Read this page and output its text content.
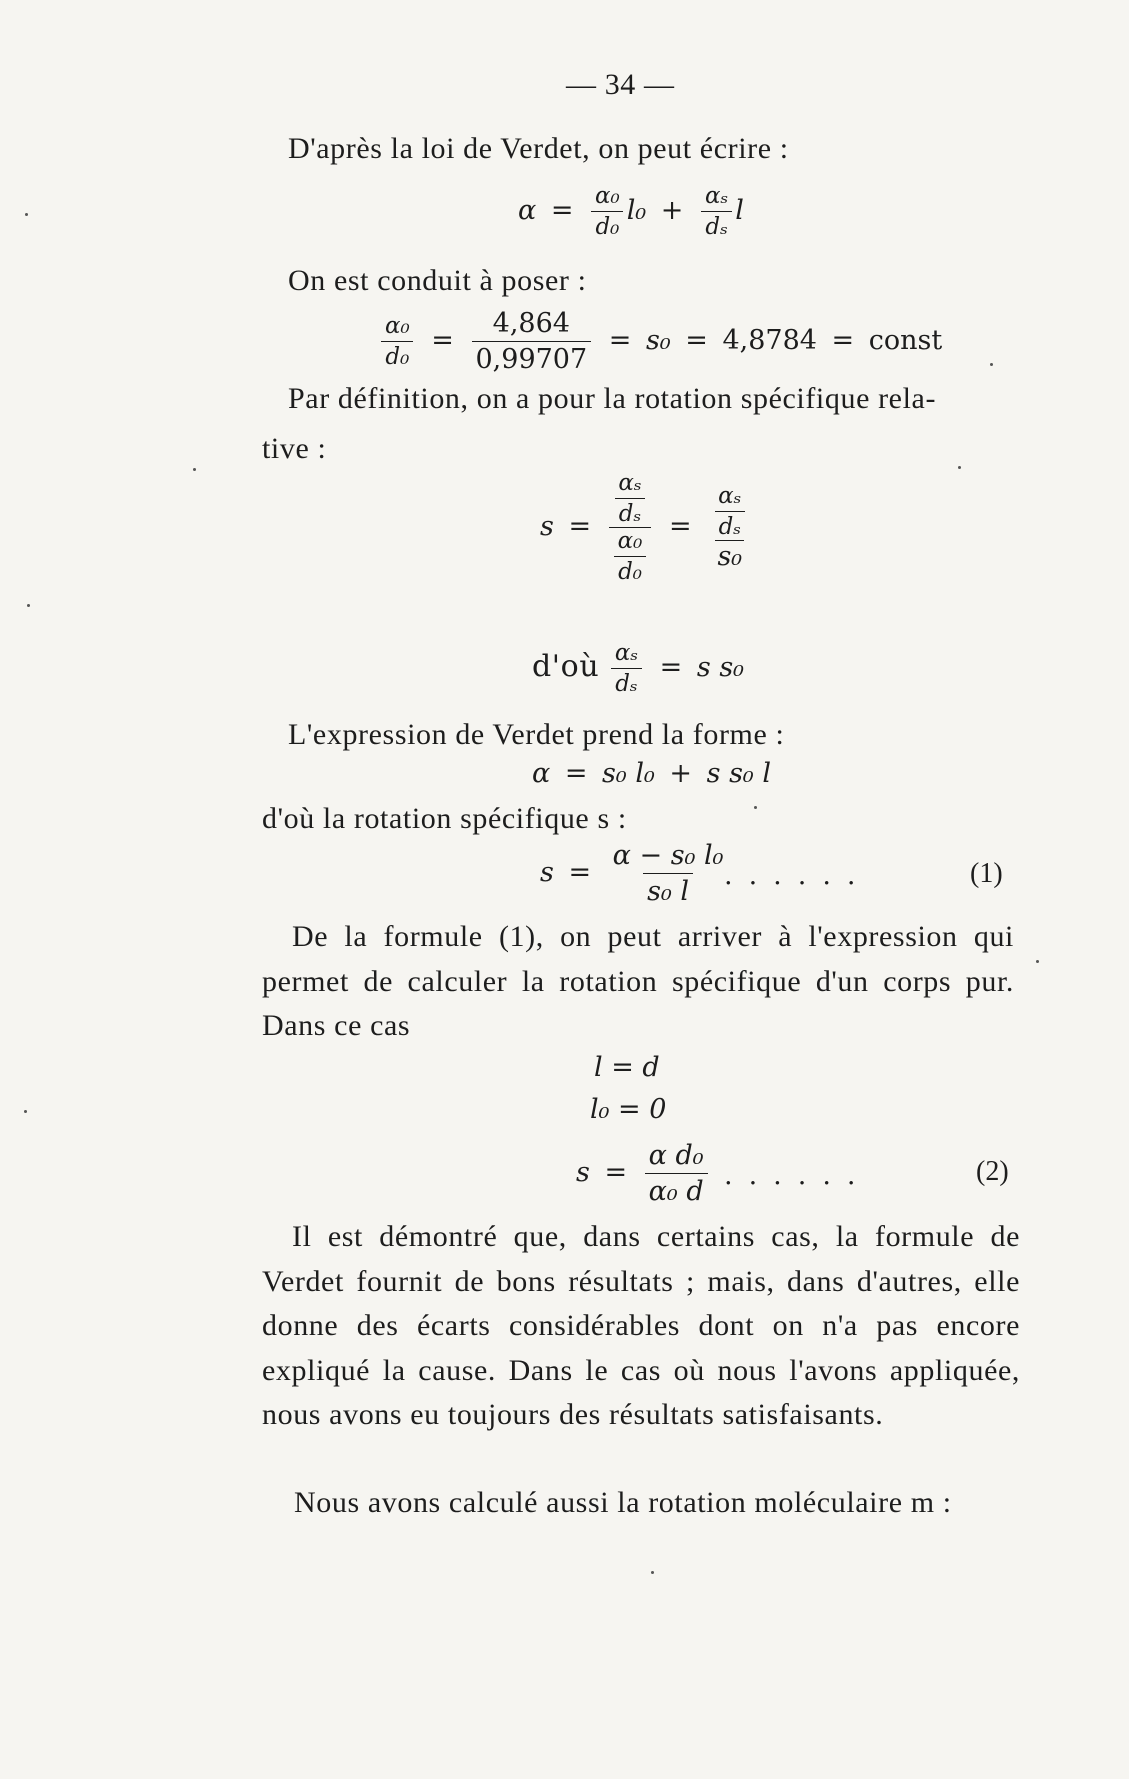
— 34 —
D'après la loi de Verdet, on peut écrire :
$\alpha = \frac{\text{α₀}}{\text{d₀}} l_0 + \frac{\text{αₛ}}{\text{dₛ}}$ l
On est conduit à poser :
$\frac{\text{α₀}}{\text{d₀}} = \frac{4,864}{0,99707} = s_0 = 4,8784$ = const
Par définition, on a pour la rotation spécifique rela-
tive :
$s = \frac{\frac{\text{αₛ}}{\text{dₛ}}}{\frac{\text{α₀}}{\text{d₀}}} = \frac{\frac{\text{αₛ}}{\text{dₛ}}}{\text{s₀}}$
d'où $\frac{\text{αₛ}}{\text{dₛ}} = s$ s₀
L'expression de Verdet prend la forme :
α = s₀ l₀ + s s₀ l
d'où la rotation spécifique s :
$s = \frac{\text{α − s₀ l₀}}{\text{s₀ l}}$
......	(1)

De la formule (1), on peut arriver à l'expression qui permet de calculer la rotation spécifique d'un corps pur. Dans ce cas

l = d
l₀ = 0
$s = \frac{\text{α d₀}}{\text{α₀ d}}$ ......	(2)

Il est démontré que, dans certains cas, la formule de Verdet fournit de bons résultats ; mais, dans d'autres, elle donne des écarts considérables dont on n'a pas encore expliqué la cause. Dans le cas où nous l'avons appliquée, nous avons eu toujours des résultats satisfaisants.

Nous avons calculé aussi la rotation moléculaire m :
